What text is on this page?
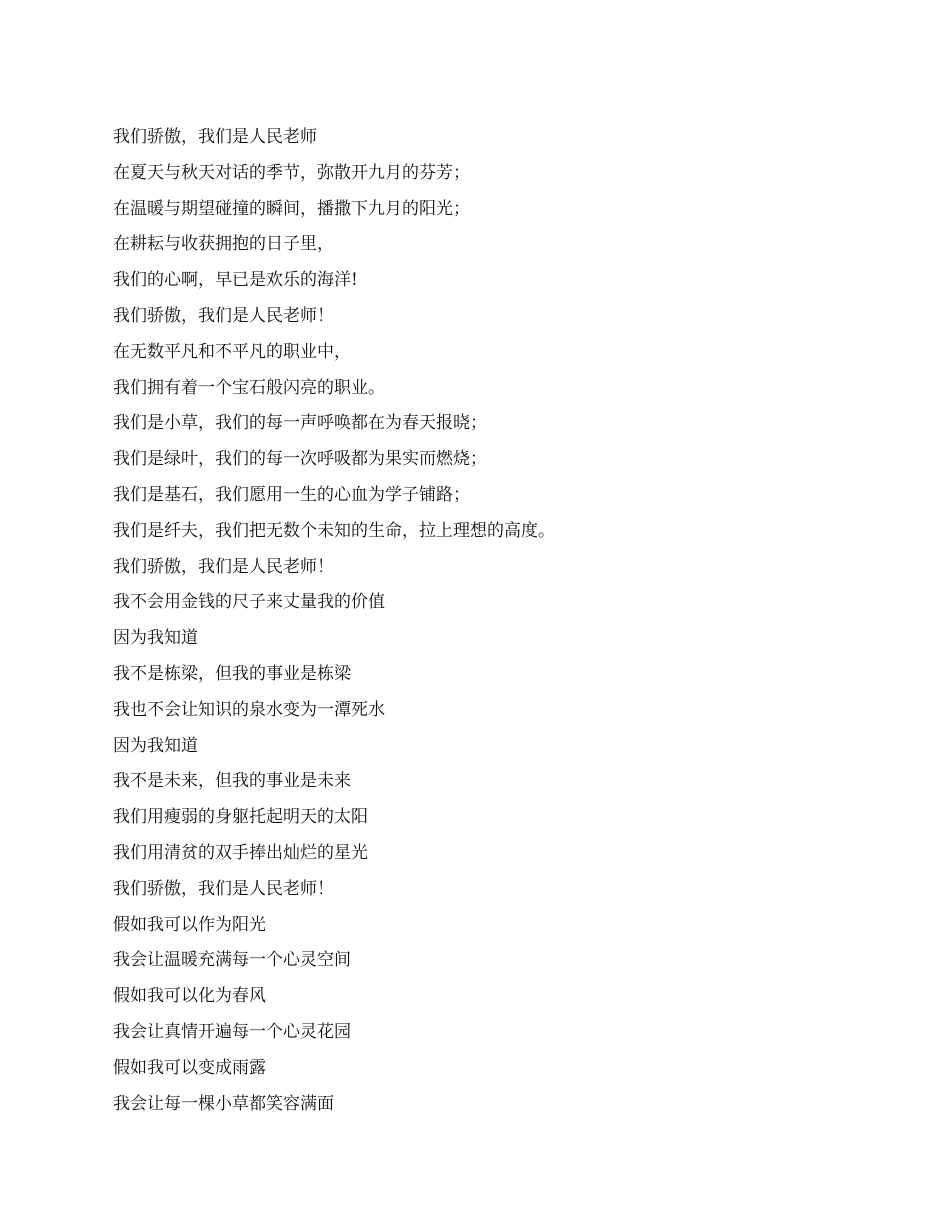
我们骄傲，我们是人民老师
在夏天与秋天对话的季节，弥散开九月的芬芳；
在温暖与期望碰撞的瞬间，播撒下九月的阳光；
在耕耘与收获拥抱的日子里，
我们的心啊，早已是欢乐的海洋!
我们骄傲，我们是人民老师！
在无数平凡和不平凡的职业中，
我们拥有着一个宝石般闪亮的职业。
我们是小草，我们的每一声呼唤都在为春天报晓；
我们是绿叶，我们的每一次呼吸都为果实而燃烧；
我们是基石，我们愿用一生的心血为学子铺路；
我们是纤夫，我们把无数个未知的生命，拉上理想的高度。
我们骄傲，我们是人民老师！
我不会用金钱的尺子来丈量我的价值
因为我知道
我不是栋梁，但我的事业是栋梁
我也不会让知识的泉水变为一潭死水
因为我知道
我不是未来，但我的事业是未来
我们用瘦弱的身躯托起明天的太阳
我们用清贫的双手捧出灿烂的星光
我们骄傲，我们是人民老师！
假如我可以作为阳光
我会让温暖充满每一个心灵空间
假如我可以化为春风
我会让真情开遍每一个心灵花园
假如我可以变成雨露
我会让每一棵小草都笑容满面
